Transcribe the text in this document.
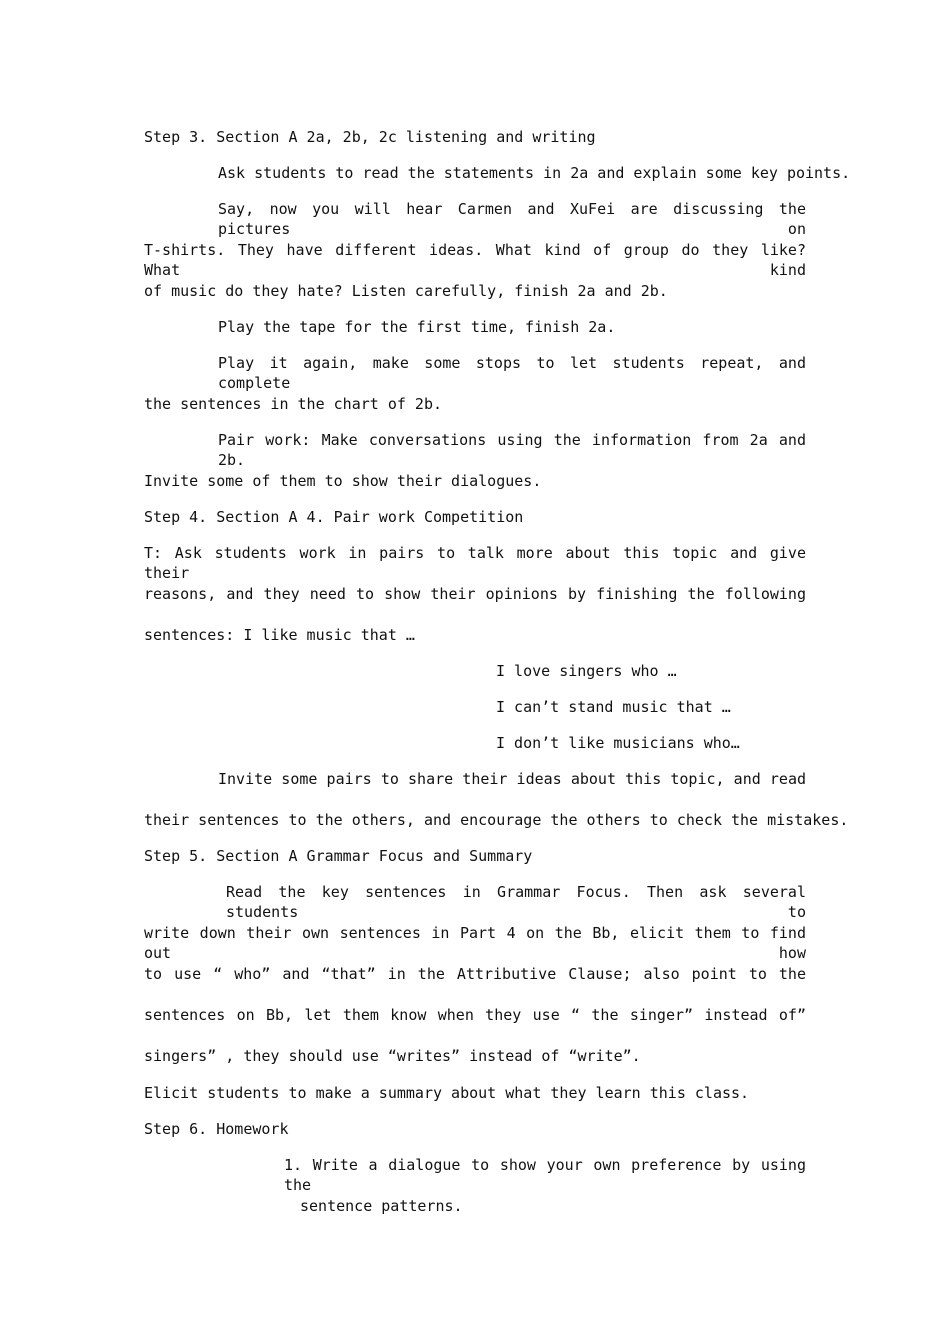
Step 3. Section A 2a, 2b, 2c listening and writing
Ask students to read the statements in 2a and explain some key points.
Say, now you will hear Carmen and XuFei are discussing the pictures on
T-shirts. They have different ideas. What kind of group do they like? What kind
of music do they hate? Listen carefully, finish 2a and 2b.
Play the tape for the first time, finish 2a.
Play it again, make some stops to let students repeat, and complete
the sentences in the chart of 2b.
Pair work: Make conversations using the information from 2a and 2b.
Invite some of them to show their dialogues.
Step 4. Section A 4. Pair work Competition
T: Ask students work in pairs to talk more about this topic and give their
reasons, and they need to show their opinions by finishing the following
sentences: I like music that …
I love singers who …
I can’t stand music that …
I don’t like musicians who…
Invite some pairs to share their ideas about this topic, and read
their sentences to the others, and encourage the others to check the mistakes.
Step 5. Section A Grammar Focus and Summary
Read the key sentences in Grammar Focus. Then ask several students to
write down their own sentences in Part 4 on the Bb, elicit them to find out how
to use “ who” and “that” in the Attributive Clause; also point to the
sentences on Bb, let them know when they use “ the singer” instead of”
singers” , they should use “writes” instead of “write”.
Elicit students to make a summary about what they learn this class.
Step 6. Homework
1. Write a dialogue to show your own preference by using the
sentence patterns.
